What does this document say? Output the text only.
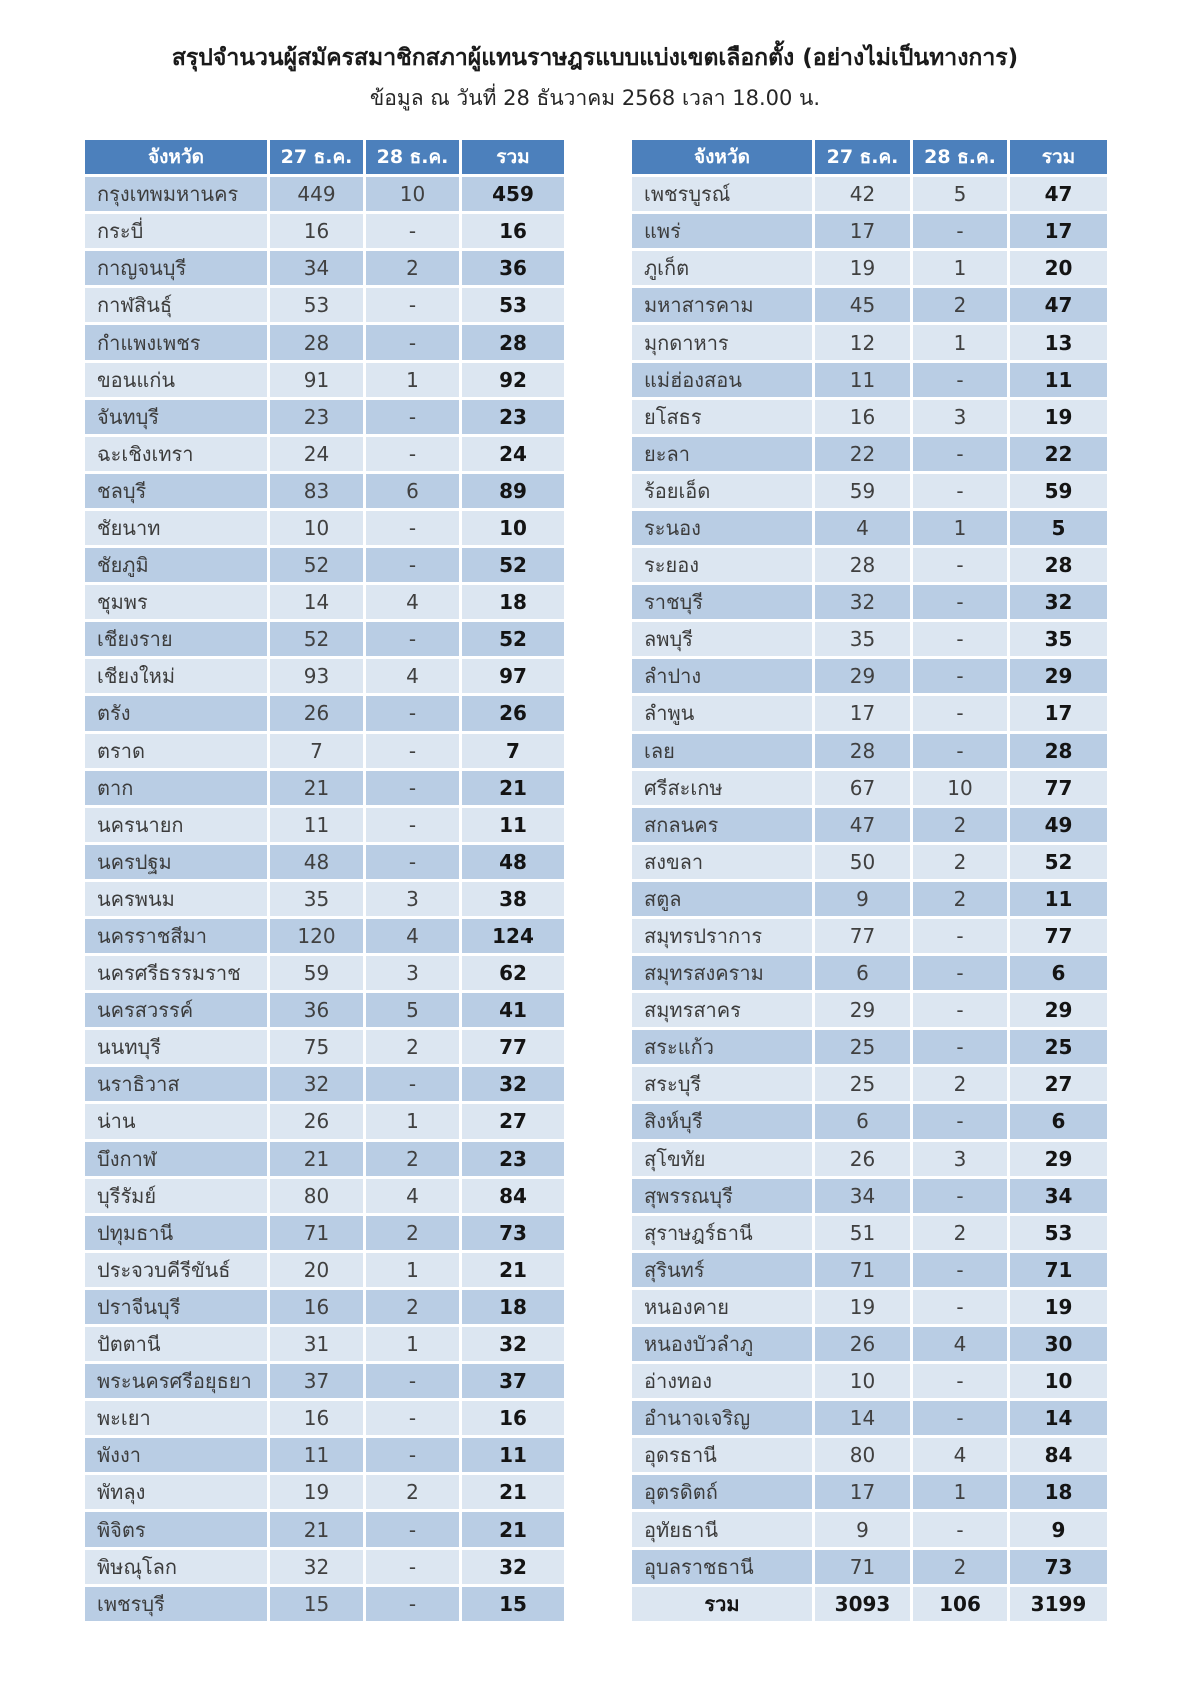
สรุปจำนวนผู้สมัครสมาชิกสภาผู้แทนราษฎรแบบแบ่งเขตเลือกตั้ง (อย่างไม่เป็นทางการ)
ข้อมูล ณ วันที่ 28 ธันวาคม 2568 เวลา 18.00 น.
จังหวัด	27 ธ.ค.	28 ธ.ค.	รวม
กรุงเทพมหานคร	449	10	459
กระบี่	16	-	16
กาญจนบุรี	34	2	36
กาฬสินธุ์	53	-	53
กำแพงเพชร	28	-	28
ขอนแก่น	91	1	92
จันทบุรี	23	-	23
ฉะเชิงเทรา	24	-	24
ชลบุรี	83	6	89
ชัยนาท	10	-	10
ชัยภูมิ	52	-	52
ชุมพร	14	4	18
เชียงราย	52	-	52
เชียงใหม่	93	4	97
ตรัง	26	-	26
ตราด	7	-	7
ตาก	21	-	21
นครนายก	11	-	11
นครปฐม	48	-	48
นครพนม	35	3	38
นครราชสีมา	120	4	124
นครศรีธรรมราช	59	3	62
นครสวรรค์	36	5	41
นนทบุรี	75	2	77
นราธิวาส	32	-	32
น่าน	26	1	27
บึงกาฬ	21	2	23
บุรีรัมย์	80	4	84
ปทุมธานี	71	2	73
ประจวบคีรีขันธ์	20	1	21
ปราจีนบุรี	16	2	18
ปัตตานี	31	1	32
พระนครศรีอยุธยา	37	-	37
พะเยา	16	-	16
พังงา	11	-	11
พัทลุง	19	2	21
พิจิตร	21	-	21
พิษณุโลก	32	-	32
เพชรบุรี	15	-	15
จังหวัด	27 ธ.ค.	28 ธ.ค.	รวม
เพชรบูรณ์	42	5	47
แพร่	17	-	17
ภูเก็ต	19	1	20
มหาสารคาม	45	2	47
มุกดาหาร	12	1	13
แม่ฮ่องสอน	11	-	11
ยโสธร	16	3	19
ยะลา	22	-	22
ร้อยเอ็ด	59	-	59
ระนอง	4	1	5
ระยอง	28	-	28
ราชบุรี	32	-	32
ลพบุรี	35	-	35
ลำปาง	29	-	29
ลำพูน	17	-	17
เลย	28	-	28
ศรีสะเกษ	67	10	77
สกลนคร	47	2	49
สงขลา	50	2	52
สตูล	9	2	11
สมุทรปราการ	77	-	77
สมุทรสงคราม	6	-	6
สมุทรสาคร	29	-	29
สระแก้ว	25	-	25
สระบุรี	25	2	27
สิงห์บุรี	6	-	6
สุโขทัย	26	3	29
สุพรรณบุรี	34	-	34
สุราษฎร์ธานี	51	2	53
สุรินทร์	71	-	71
หนองคาย	19	-	19
หนองบัวลำภู	26	4	30
อ่างทอง	10	-	10
อำนาจเจริญ	14	-	14
อุดรธานี	80	4	84
อุตรดิตถ์	17	1	18
อุทัยธานี	9	-	9
อุบลราชธานี	71	2	73
รวม	3093	106	3199
